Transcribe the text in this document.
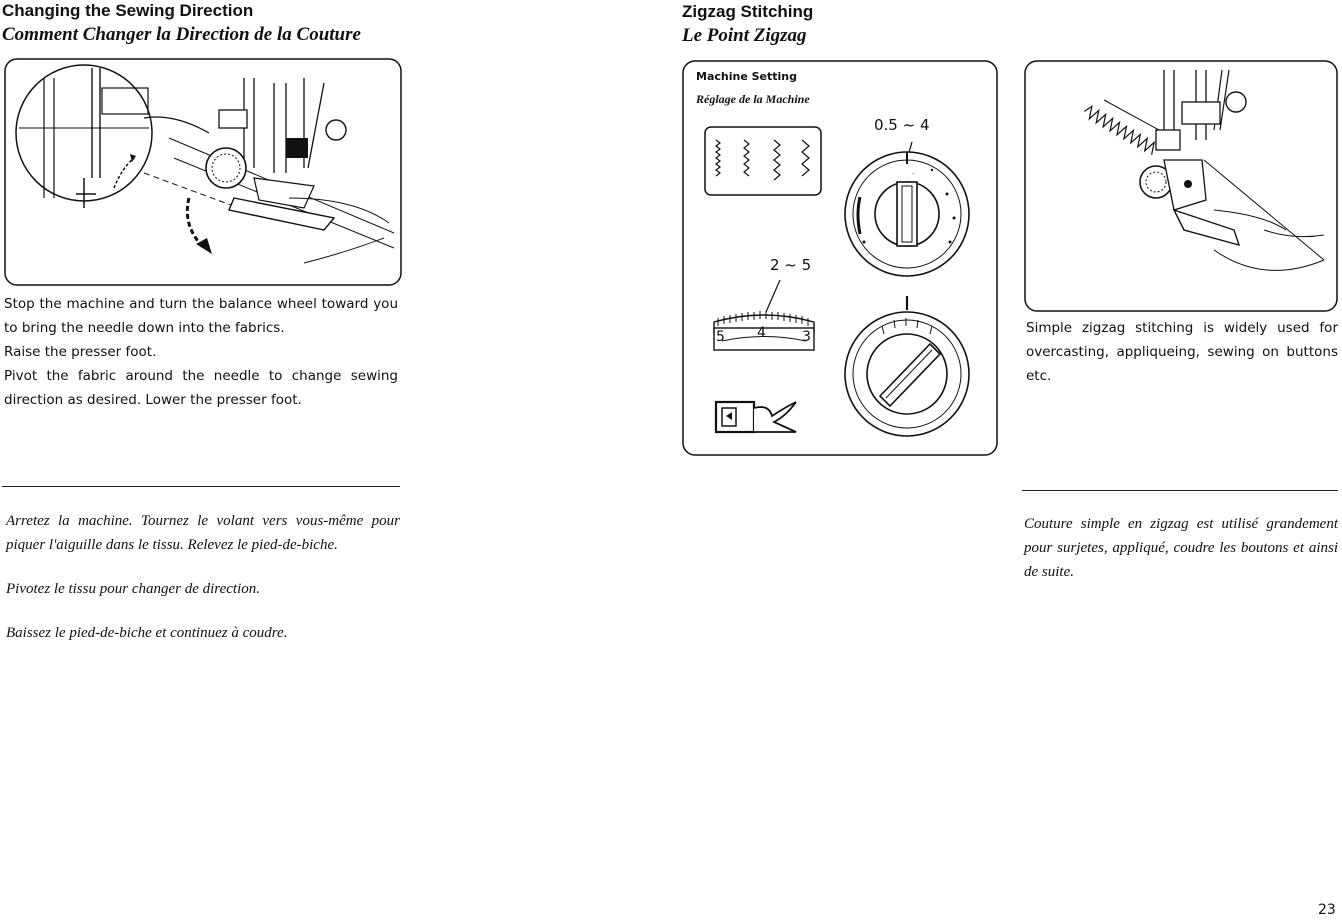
Changing the Sewing Direction
Comment Changer la Direction de la Couture

Stop the machine and turn the balance wheel toward you to bring the needle down into the fabrics.

Raise the presser foot.

Pivot the fabric around the needle to change sewing direction as desired. Lower the presser foot.

Arretez la machine. Tournez le volant vers vous-même pour piquer l'aiguille dans le tissu. Relevez le pied-de-biche.

Pivotez le tissu pour changer de direction.

Baissez le pied-de-biche et continuez à coudre.

Zigzag Stitching
Le Point Zigzag
Machine Setting
Réglage de la Machine
0.5 ~ 4
·
2 ~ 5
5 4	3

Simple zigzag stitching is widely used for overcasting, appliqueing, sewing on buttons etc.

Couture simple en zigzag est utilisé grandement pour surjetes, appliqué, coudre les boutons et ainsi de suite.

23
